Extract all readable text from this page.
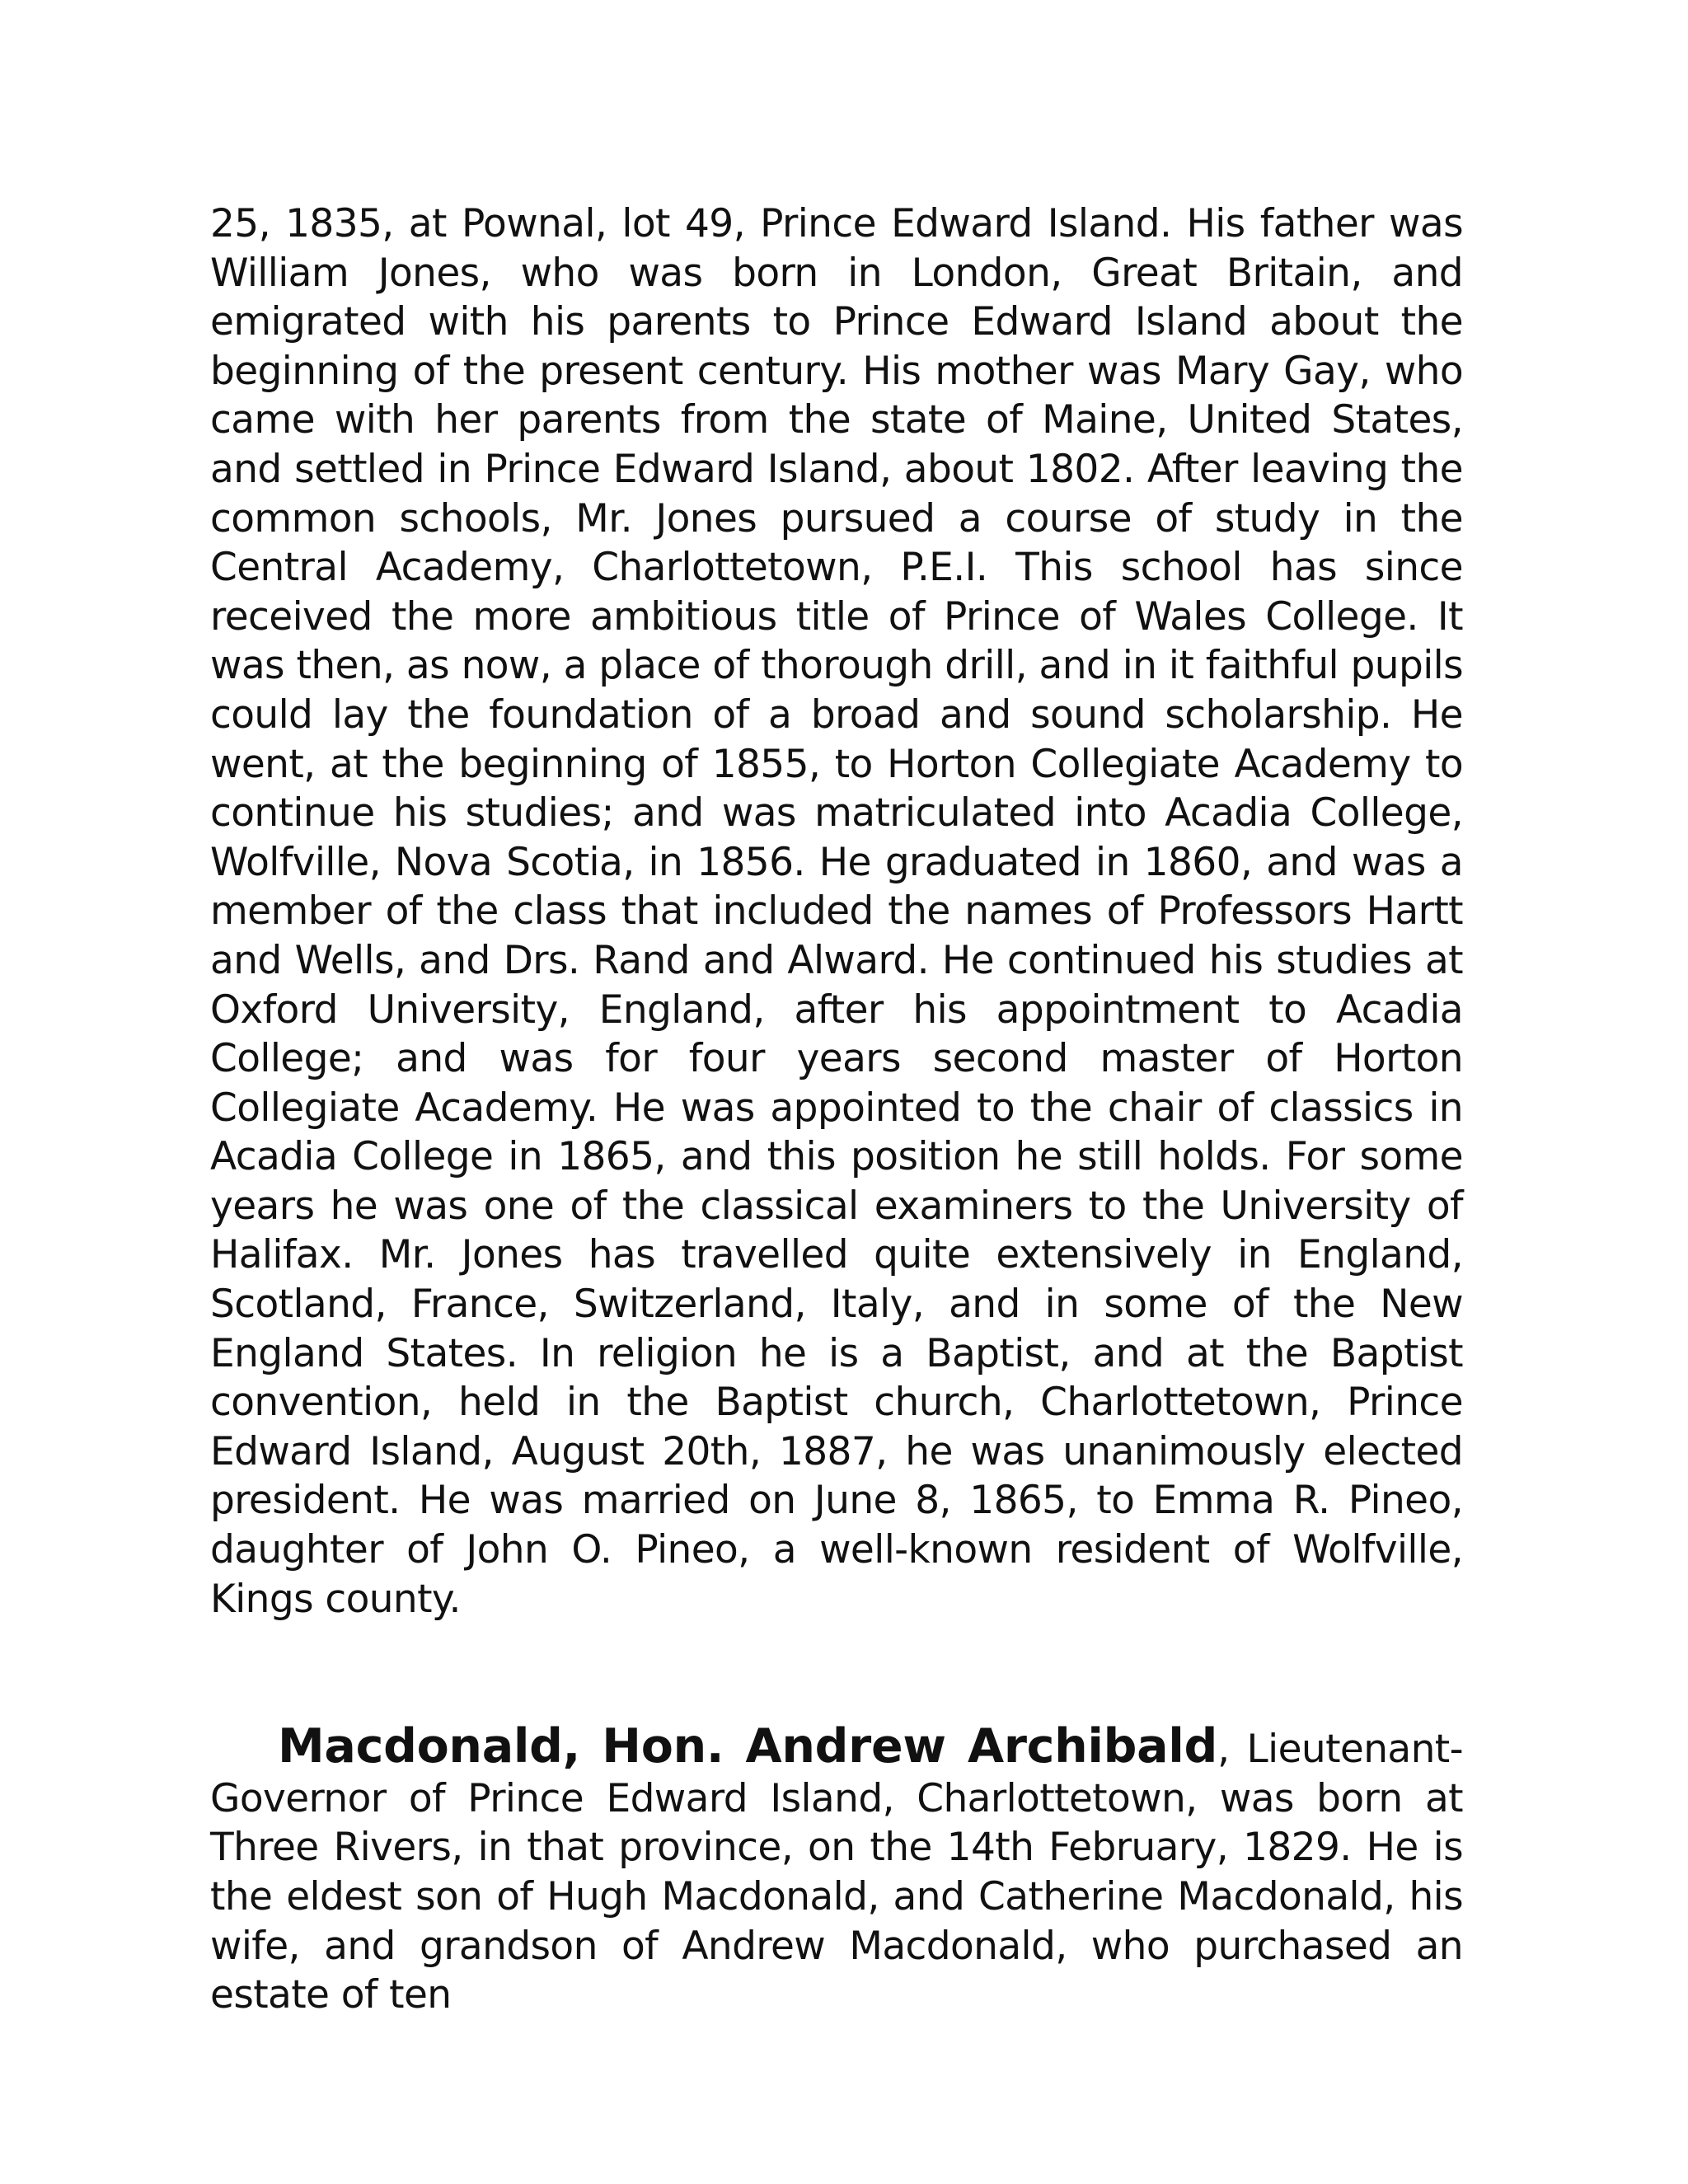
25, 1835, at Pownal, lot 49, Prince Edward Island. His father was William Jones, who was born in London, Great Britain, and emigrated with his parents to Prince Edward Island about the beginning of the present century. His mother was Mary Gay, who came with her parents from the state of Maine, United States, and settled in Prince Edward Island, about 1802. After leaving the common schools, Mr. Jones pursued a course of study in the Central Academy, Charlottetown, P.E.I. This school has since received the more ambitious title of Prince of Wales College. It was then, as now, a place of thorough drill, and in it faithful pupils could lay the foundation of a broad and sound scholarship. He went, at the beginning of 1855, to Horton Collegiate Academy to continue his studies; and was matriculated into Acadia College, Wolfville, Nova Scotia, in 1856. He graduated in 1860, and was a member of the class that included the names of Professors Hartt and Wells, and Drs. Rand and Alward. He continued his studies at Oxford University, England, after his appointment to Acadia College; and was for four years second master of Horton Collegiate Academy. He was appointed to the chair of classics in Acadia College in 1865, and this position he still holds. For some years he was one of the classical examiners to the University of Halifax. Mr. Jones has travelled quite extensively in England, Scotland, France, Switzerland, Italy, and in some of the New England States. In religion he is a Baptist, and at the Baptist convention, held in the Baptist church, Charlottetown, Prince Edward Island, August 20th, 1887, he was unanimously elected president. He was married on June 8, 1865, to Emma R. Pineo, daughter of John O. Pineo, a well-known resident of Wolfville, Kings county.

Macdonald, Hon. Andrew Archibald, Lieutenant-Governor of Prince Edward Island, Charlottetown, was born at Three Rivers, in that province, on the 14th February, 1829. He is the eldest son of Hugh Macdonald, and Catherine Macdonald, his wife, and grandson of Andrew Macdonald, who purchased an estate of ten
